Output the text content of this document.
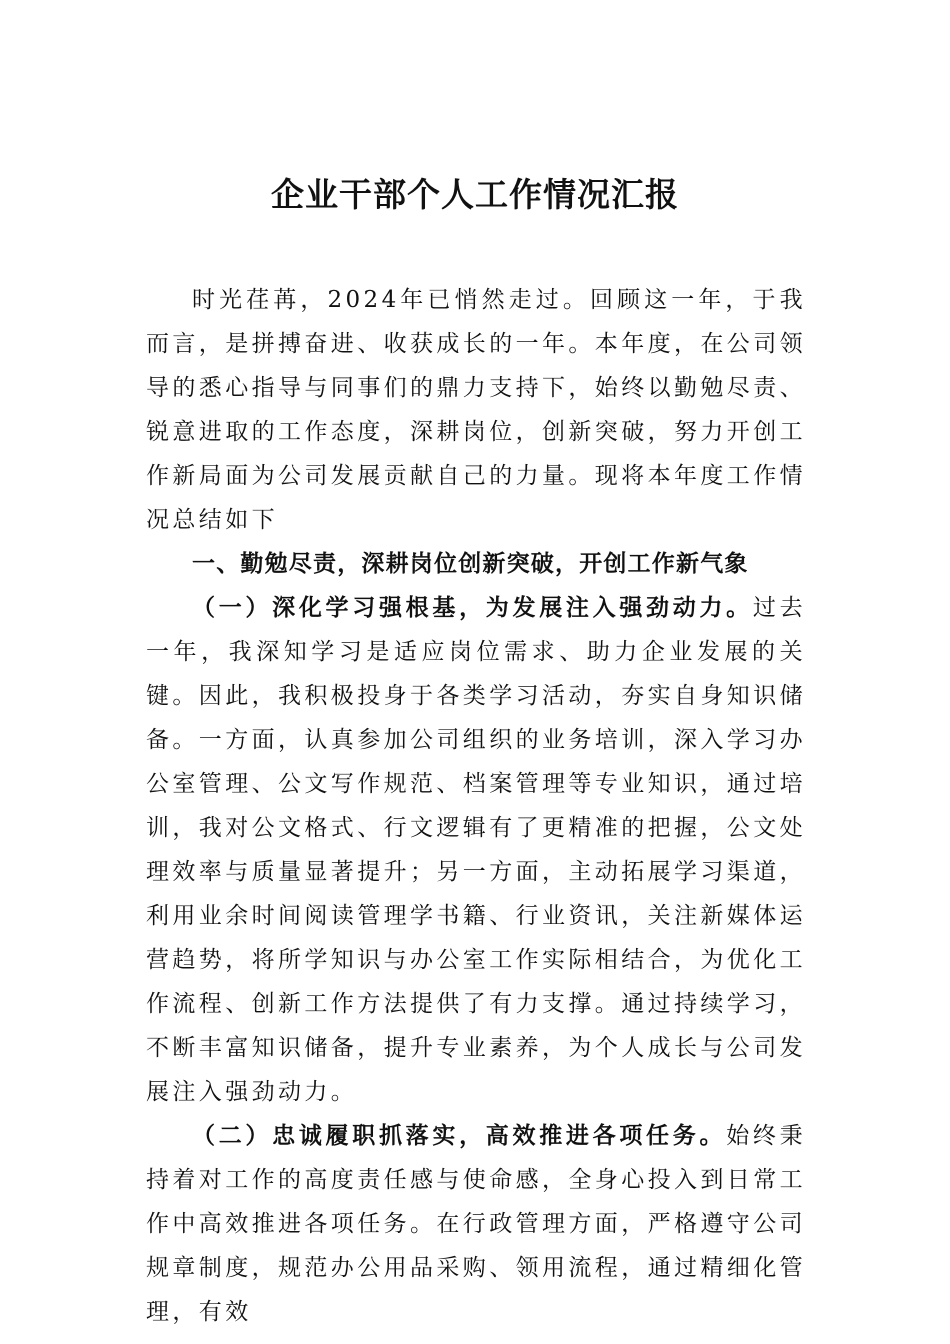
企业干部个人工作情况汇报

时光荏苒，2024年已悄然走过。回顾这一年，于我而言，是拼搏奋进、收获成长的一年。本年度，在公司领导的悉心指导与同事们的鼎力支持下，始终以勤勉尽责、锐意进取的工作态度，深耕岗位，创新突破，努力开创工作新局面为公司发展贡献自己的力量。现将本年度工作情况总结如下

一、勤勉尽责，深耕岗位创新突破，开创工作新气象

（一）深化学习强根基，为发展注入强劲动力。过去一年，我深知学习是适应岗位需求、助力企业发展的关键。因此，我积极投身于各类学习活动，夯实自身知识储备。一方面，认真参加公司组织的业务培训，深入学习办公室管理、公文写作规范、档案管理等专业知识，通过培训，我对公文格式、行文逻辑有了更精准的把握，公文处理效率与质量显著提升；另一方面，主动拓展学习渠道，利用业余时间阅读管理学书籍、行业资讯，关注新媒体运营趋势，将所学知识与办公室工作实际相结合，为优化工作流程、创新工作方法提供了有力支撑。通过持续学习，不断丰富知识储备，提升专业素养，为个人成长与公司发展注入强劲动力。

（二）忠诚履职抓落实，高效推进各项任务。始终秉持着对工作的高度责任感与使命感，全身心投入到日常工作中高效推进各项任务。在行政管理方面，严格遵守公司规章制度，规范办公用品采购、领用流程，通过精细化管理，有效
